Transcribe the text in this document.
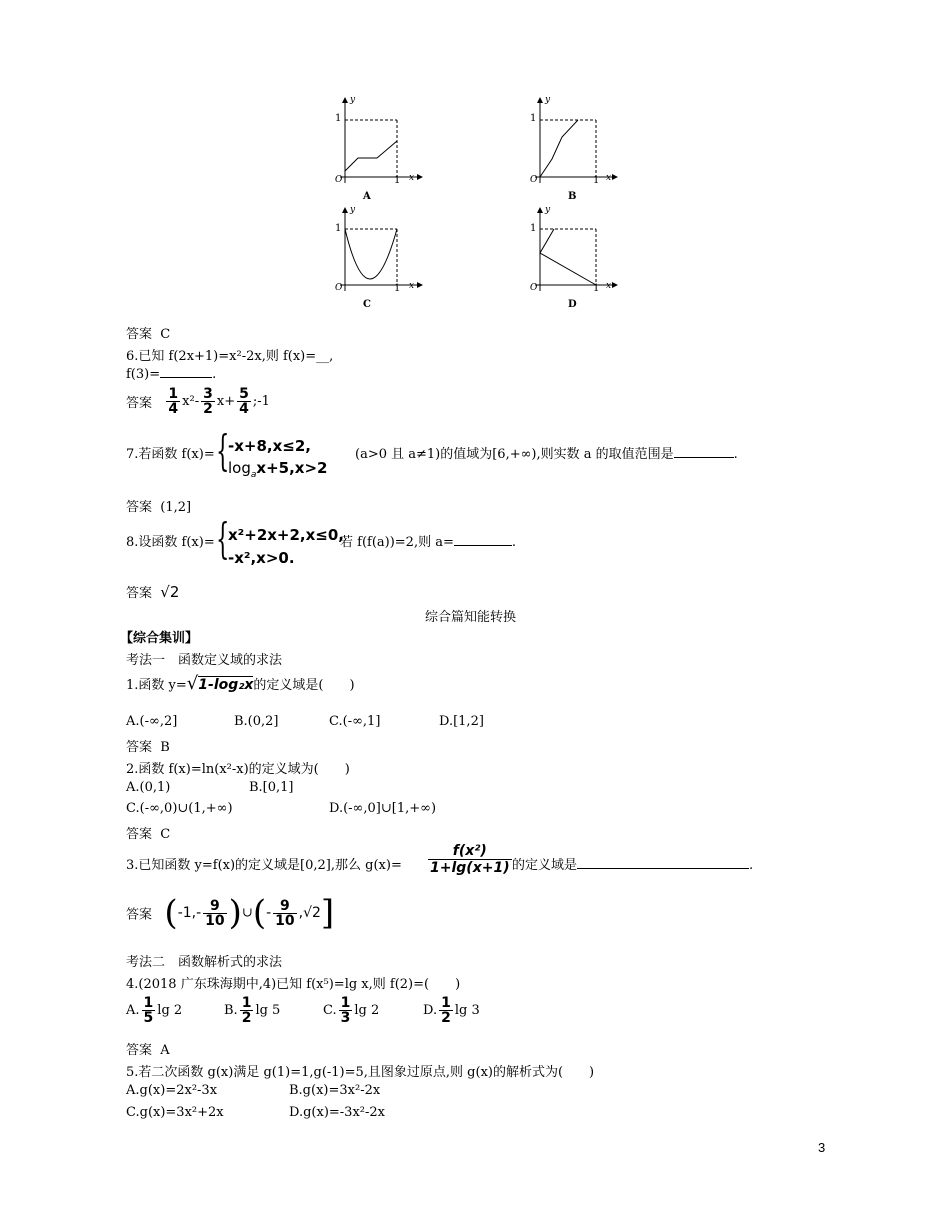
y
1
O	1 x
A
y
1
O	1 x
B
y
1
O	1 x
C
y
1
O	1 x
D
答案 C
6.已知 f(2x+1)=x²-2x,则 f(x)=__,
f(3)=	.
答案 $\frac{1}{4} x^2- \frac{3}{2} x+ \frac{5}{4}$ ;-1
7.若函数 f(x)= {
-x+8,x≤2,
$\log_ax+5,x>2$
(a>0 且 a≠1)的值域为[6,+∞),则实数 a 的取值范围是	.
答案 (1,2]
8.设函数 f(x)= {
x²+2x+2,x≤0,
-x²,x>0.
若 f(f(a))=2,则 a=	.
答案 √2
综合篇知能转换
【综合集训】
考法一　函数定义域的求法
1.函数 y=√1-log₂x的定义域是(　　)
A.(-∞,2]	B.(0,2]	C.(-∞,1]	D.[1,2]
答案 B
2.函数 f(x)=ln(x²-x)的定义域为(　　)
A.(0,1)	B.[0,1]
C.(-∞,0)∪(1,+∞)	D.(-∞,0]∪[1,+∞)
答案 C
3.已知函数 y=f(x)的定义域是[0,2],那么 $g(x)= \frac{\text{f(x²)}}{1+\lg(x+1)}$ 的定义域是	.
答案 ($-1,- \frac{9}{10}$ )∪(- $\frac{9}{10} ,√2$]
考法二　函数解析式的求法
4.(2018 广东珠海期中,4)已知 f(x⁵)=lg x,则 f(2)=(　　)
A. $\frac{1}{5}$ lg 2	B. $\frac{1}{2}$ lg 5	C. $\frac{1}{3}$ lg 2	D. $\frac{1}{2}$ lg 3
答案 A
5.若二次函数 g(x)满足 g(1)=1,g(-1)=5,且图象过原点,则 g(x)的解析式为(　　)
A.g(x)=2x²-3x	B.g(x)=3x²-2x
C.g(x)=3x²+2x	D.g(x)=-3x²-2x
3
